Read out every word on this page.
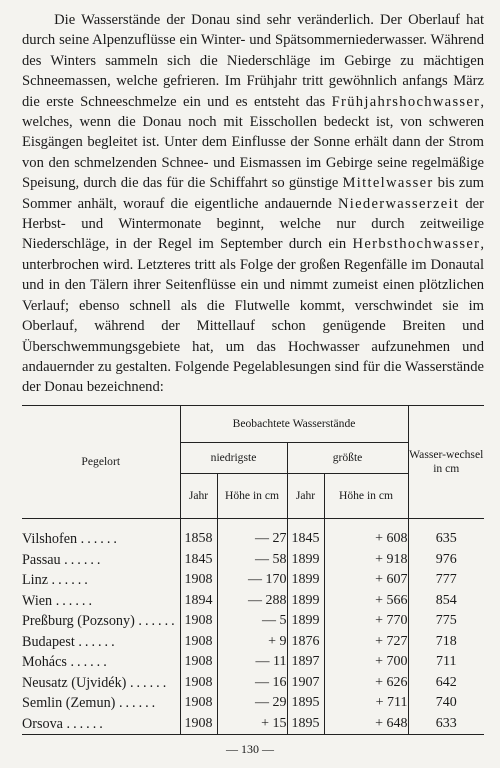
Die Wasserstände der Donau sind sehr veränderlich. Der Oberlauf hat durch seine Alpenzuflüsse ein Winter- und Spätsommerniederwasser. Während des Winters sammeln sich die Niederschläge im Gebirge zu mächtigen Schneemassen, welche gefrieren. Im Frühjahr tritt gewöhnlich anfangs März die erste Schneeschmelze ein und es entsteht das Frühjahrshochwasser, welches, wenn die Donau noch mit Eisschollen bedeckt ist, von schweren Eisgängen begleitet ist. Unter dem Einflusse der Sonne erhält dann der Strom von den schmelzenden Schnee- und Eismassen im Gebirge seine regelmäßige Speisung, durch die das für die Schiffahrt so günstige Mittelwasser bis zum Sommer anhält, worauf die eigentliche andauernde Niederwasserzeit der Herbst- und Wintermonate beginnt, welche nur durch zeitweilige Niederschläge, in der Regel im September durch ein Herbsthochwasser, unterbrochen wird. Letzteres tritt als Folge der großen Regenfälle im Donautal und in den Tälern ihrer Seitenflüsse ein und nimmt zumeist einen plötzlichen Verlauf; ebenso schnell als die Flutwelle kommt, verschwindet sie im Oberlauf, während der Mittellauf schon genügende Breiten und Überschwemmungsgebiete hat, um das Hochwasser aufzunehmen und andauernder zu gestalten. Folgende Pegelablesungen sind für die Wasserstände der Donau bezeichnend:

Pegelort	Beobachtete Wasserstände				Wasser-wechsel in cm
	niedrigste		größte		
	Jahr	Höhe in cm	Jahr	Höhe in cm	

Vilshofen ......	1858	— 27	1845	+ 608	635
Passau ......	1845	— 58	1899	+ 918	976
Linz ......	1908	— 170	1899	+ 607	777
Wien ......	1894	— 288	1899	+ 566	854
Preßburg (Pozsony) ......	1908	— 5	1899	+ 770	775
Budapest ......	1908	+ 9	1876	+ 727	718
Mohács ......	1908	— 11	1897	+ 700	711
Neusatz (Ujvidék) ......	1908	— 16	1907	+ 626	642
Semlin (Zemun) ......	1908	— 29	1895	+ 711	740
Orsova ......	1908	+ 15	1895	+ 648	633
— 130 —
